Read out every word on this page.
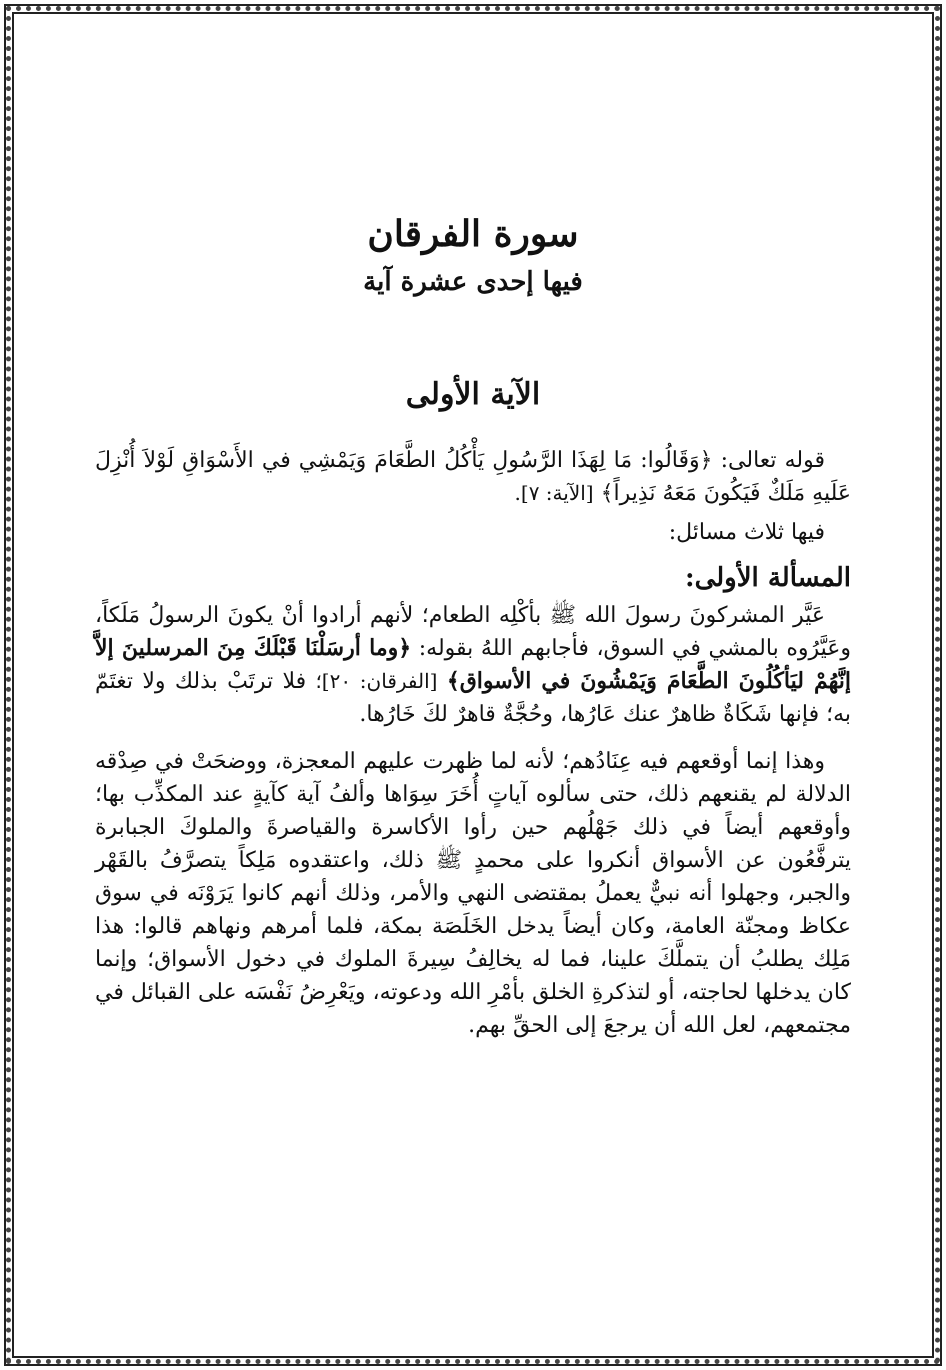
سورة الفرقان
فيها إحدى عشرة آية
الآية الأولى

قوله تعالى: ﴿وَقَالُوا: مَا لِهَذَا الرَّسُولِ يَأْكُلُ الطَّعَامَ وَيَمْشِي في الأَسْوَاقِ لَوْلاَ أُنْزِلَ عَلَيهِ مَلَكٌ فَيَكُونَ مَعَهُ نَذِيراً﴾ [الآية: ٧].

فيها ثلاث مسائل:

المسألة الأولى:

عَيَّر المشركونَ رسولَ الله ﷺ بأكْلِه الطعام؛ لأنهم أرادوا أنْ يكونَ الرسولُ مَلَكاً، وعَيَّرُوه بالمشي في السوق، فأجابهم اللهُ بقوله: ﴿وما أرسَلْنَا قَبْلَكَ مِنَ المرسلينَ إلاَّ إنَّهُمْ ليَأكُلُونَ الطَّعَامَ وَيَمْشُونَ في الأسواق﴾ [الفرقان: ٢٠]؛ فلا ترتَبْ بذلك ولا تغتَمّ به؛ فإنها شَكَاةٌ ظاهرٌ عنك عَارُها، وحُجَّةٌ قاهرٌ لكَ خَارُها.

وهذا إنما أوقعهم فيه عِنَادُهم؛ لأنه لما ظهرت عليهم المعجزة، ووضحَتْ في صِدْقه الدلالة لم يقنعهم ذلك، حتى سألوه آياتٍ أُخَرَ سِوَاها وألفُ آية كآيةٍ عند المكذِّب بها؛ وأوقعهم أيضاً في ذلك جَهْلُهم حين رأوا الأكاسرة والقياصرةَ والملوكَ الجبابرة يترفَّعُون عن الأسواق أنكروا على محمدٍ ﷺ ذلك، واعتقدوه مَلِكاً يتصرَّفُ بالقَهْر والجبر، وجهلوا أنه نبيٌّ يعملُ بمقتضى النهي والأمر، وذلك أنهم كانوا يَرَوْنَه في سوق عكاظ ومجنّة العامة، وكان أيضاً يدخل الخَلَصَة بمكة، فلما أمرهم ونهاهم قالوا: هذا مَلِك يطلبُ أن يتملَّكَ علينا، فما له يخالِفُ سِيرةَ الملوك في دخول الأسواق؛ وإنما كان يدخلها لحاجته، أو لتذكرةِ الخلق بأمْرِ الله ودعوته، ويَعْرِضُ نَفْسَه على القبائل في مجتمعهم، لعل الله أن يرجعَ إلى الحقِّ بهم.
